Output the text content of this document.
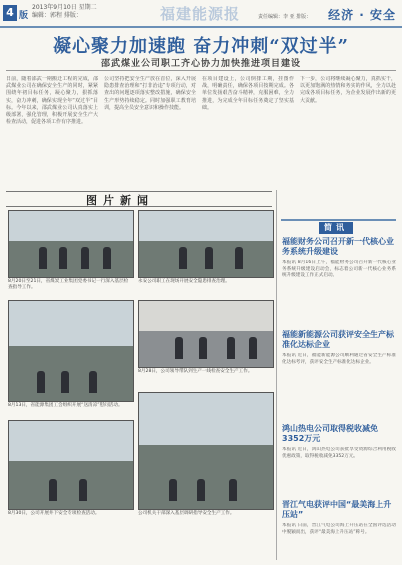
4 版
2013年9月10日 星期二
编辑：郭程 排版：	福建能源报	责任编辑：李 亚 排版： 经济 · 安全
凝心聚力加速跑 奋力冲刺“双过半”
邵武煤业公司职工齐心协力加快推进项目建设
日前，随着邵武一期搬迁工程的完成，邵武煤业公司在确保安全生产的同时，紧紧围绕年初目标任务，凝心聚力，狠抓落实，奋力冲刺，确保实现全年“双过半”目标。今年以来，邵武煤业公司认真落实上级部署，强化管理，积极开展安全生产大检查活动，促进各项工作有序推进。
公司坚持把安全生产放在首位，深入开展隐患排查治理和“打非治违”专项行动，对查出的问题逐项落实整改措施，确保安全生产形势持续稳定。同时加强职工教育培训，提高全员安全意识和操作技能。
在项目建设上，公司倒排工期，挂图作战，明确责任，确保各项目按期完成。各单位发扬艰苦奋斗精神，克服困难，全力推进，为完成全年目标任务奠定了坚实基础。
下一步，公司将继续凝心聚力，真抓实干，以更加饱满的热情和务实的作风，全力以赴完成各项目标任务，为企业发展作出新的更大贡献。
图片新闻
8月20日至21日，省煤炭工业集团党委书记一行深入基层检查指导工作。
永安公司职工在现场开展安全隐患排查治理。
8月13日，省能源集团工会组织开展“送清凉”慰问活动。
8月28日，公司领导带队到生产一线检查安全生产工作。
8月30日，公司开展井下安全专项检查活动。	公司机关干部深入基层调研指导安全生产工作。
简讯
福能财务公司召开新一代核心业务系统升级建设
本报讯 8月16日上午，福能财务公司召开新一代核心业务系统升级建设启动会，标志着公司新一代核心业务系统升级建设工作正式启动。
福能新能源公司获评安全生产标准化达标企业
本报讯 近日，福能新能源公司顺利通过省安全生产标准化达标考评，获评安全生产标准化达标企业。
鸿山热电公司取得税收减免3352万元
本报讯 近日，鸿山热电公司获批享受资源综合利用税收优惠政策，取得税收减免3352万元。
晋江气电获评中国“最美海上升压站”
本报讯 日前，晋江气电公司海上升压站在全国评选活动中脱颖而出，获评“最美海上升压站”称号。
